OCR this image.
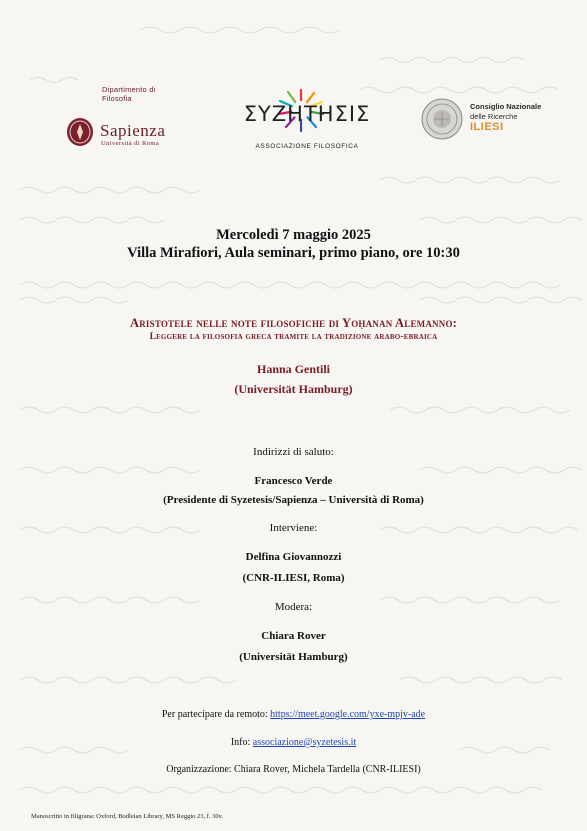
Dipartimento di Filosofia
Sapienza
Università di Roma
ΣΥΖΗΤΗΣΙΣ
ASSOCIAZIONE FILOSOFICA
Consiglio Nazionale
delle Ricerche
ILIESI
Mercoledì 7 maggio 2025
Villa Mirafiori, Aula seminari, primo piano, ore 10:30
Aristotele nelle note filosofiche di Yoḥanan Alemanno:
Leggere la filosofia greca tramite la tradizione arabo-ebraica
Hanna Gentili
(Universität Hamburg)
Indirizzi di saluto:
Francesco Verde
(Presidente di Syzetesis/Sapienza – Università di Roma)
Interviene:
Delfina Giovannozzi
(CNR-ILIESI, Roma)
Modera:
Chiara Rover
(Universität Hamburg)
Per partecipare da remoto: https://meet.google.com/yxe-mpjv-ade
Info: associazione@syzetesis.it
Organizzazione: Chiara Rover, Michela Tardella (CNR-ILIESI)
Manoscritto in filigrana: Oxford, Bodleian Library, MS Reggio 23, f. 30v.
